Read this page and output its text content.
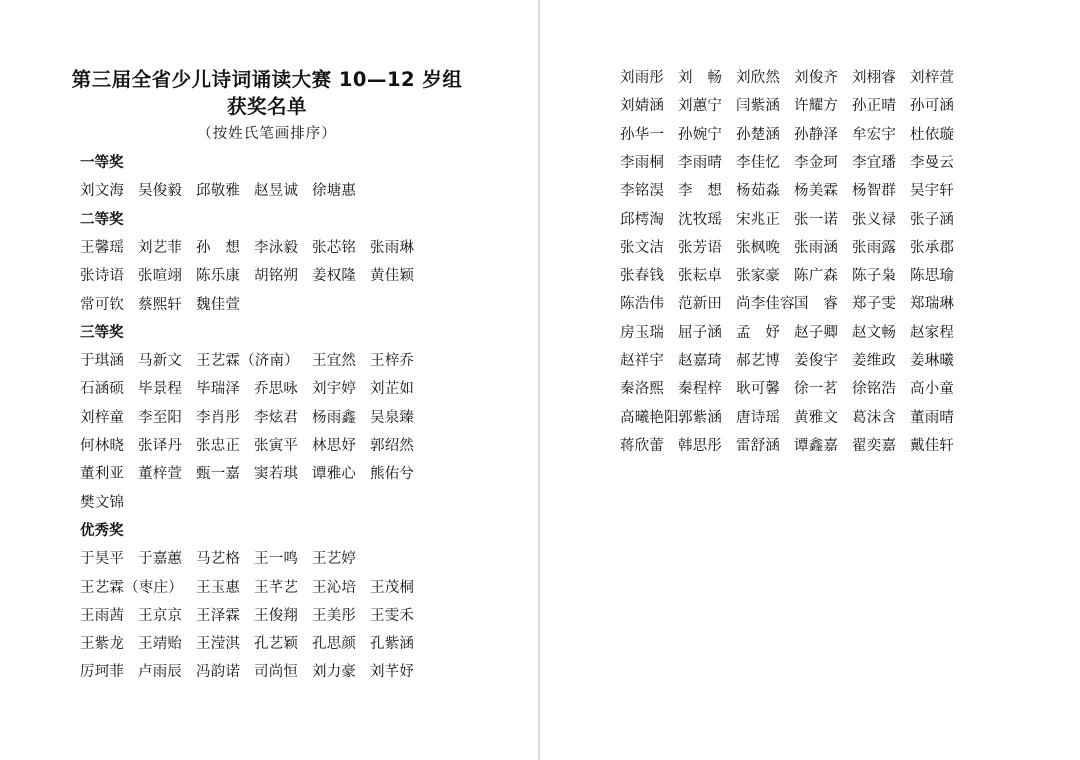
第三届全省少儿诗词诵读大赛 10—12 岁组
获奖名单
（按姓氏笔画排序）
一等奖
刘文海 吴俊毅 邱敬雅 赵昱诚 徐塘惠
二等奖
王馨瑶 刘艺菲 孙　想 李泳毅 张芯铭 张雨琳
张诗语 张暄翊 陈乐康 胡铭朔 姜权隆 黄佳颖
常可钦 蔡熙轩 魏佳萱
三等奖
于琪涵 马新文 王艺霖（济南） 王宜然 王梓乔
石涵硕 毕景程 毕瑞泽 乔思咏 刘宇婷 刘芷如
刘梓童 李至阳 李肖彤 李炫君 杨雨鑫 吴泉臻
何林晓 张译丹 张忠正 张寅平 林思妤 郭绍然
董利亚 董梓萱 甄一嘉 窦若琪 谭雅心 熊佑兮
樊文锦
优秀奖
于昊平 于嘉蕙 马艺格 王一鸣 王艺婷
王艺霖（枣庄） 王玉惠 王芊艺 王沁培 王茂桐
王雨茜 王京京 王泽霖 王俊翔 王美彤 王雯禾
王紫龙 王靖贻 王滢淇 孔艺颖 孔思颜 孔紫涵
厉珂菲 卢雨辰 冯韵诺 司尚恒 刘力豪 刘芊妤
刘雨彤 刘　畅 刘欣然 刘俊齐 刘栩睿 刘梓萱
刘婧涵 刘蕙宁 闫紫涵 许耀方 孙正晴 孙可涵
孙华一 孙婉宁 孙楚涵 孙静泽 牟宏宇 杜依璇
李雨桐 李雨晴 李佳忆 李金珂 李宜璠 李曼云
李铭淏 李　想 杨茹淼 杨美霖 杨智群 吴宇轩
邱樗淘 沈牧瑶 宋兆正 张一诺 张义禄 张子涵
张文洁 张芳语 张枫晚 张雨涵 张雨露 张承郡
张春钱 张耘卓 张家豪 陈广森 陈子枭 陈思瑜
陈浩伟 范新田 尚李佳容 国　睿 郑子雯 郑瑞琳
房玉瑞 屈子涵 孟　妤 赵子卿 赵文畅 赵家程
赵祥宇 赵嘉琦 郝艺博 姜俊宇 姜维政 姜琳曦
秦洛熙 秦程梓 耿可馨 徐一茗 徐铭浩 高小童
高曦艳阳 郭紫涵 唐诗瑶 黄雅文 葛沫含 董雨晴
蒋欣蕾 韩思彤 雷舒涵 谭鑫嘉 翟奕嘉 戴佳轩
